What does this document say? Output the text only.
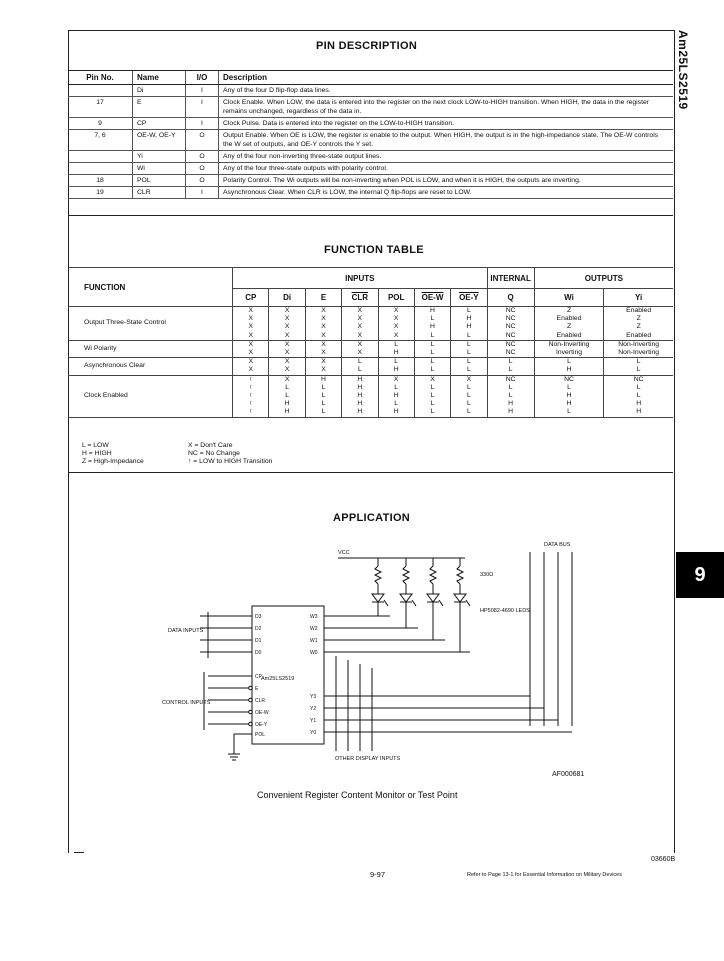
Am25LS2519
9
PIN DESCRIPTION
Pin No.	Name	I/O	Description
	Di	I	Any of the four D flip-flop data lines.
17	E	I	Clock Enable. When LOW, the data is entered into the register on the next clock LOW-to-HIGH transition. When HIGH, the data in the register remains unchanged, regardless of the data in.
9	CP	I	Clock Pulse. Data is entered into the register on the LOW-to-HIGH transition.
7, 6	OE-W, OE-Y	O	Output Enable. When OE is LOW, the register is enable to the output. When HIGH, the output is in the high-impedance state. The OE-W controls the W set of outputs, and OE-Y controls the Y set.
	Yi	O	Any of the four non-inverting three-state output lines.
	Wi	O	Any of the four three-state outputs with polarity control.
18	POL	O	Polarity Control. The Wi outputs will be non-inverting when POL is LOW, and when it is HIGH, the outputs are inverting.
19	CLR	I	Asynchronous Clear. When CLR is LOW, the internal Q flip-flops are reset to LOW.
FUNCTION TABLE
FUNCTION	INPUTS							INTERNAL	OUTPUTS	
	CP	Di	E	$\overline{CLR}$	POL	OE-W	OE-Y	Q	Wi	Yi
Output Three-State Control	X	X	X	X	X	H	L	NC	Z	Enabled
	X	X	X	X	X	L	H	NC	Enabled	Z
	X	X	X	X	X	H	H	NC	Z	Z
	X	X	X	X	X	L	L	NC	Enabled	Enabled
Wi Polarity	X	X	X	X	L	L	L	NC	Non-Inverting	Non-Inverting
	X	X	X	X	H	L	L	NC	Inverting	Non-Inverting
Asynchronous Clear	X	X	X	L	L	L	L	L	L	L
	X	X	X	L	H	L	L	L	H	L
Clock Enabled	↑	X	H	H	X	X	X	NC	NC	NC
	↑	L	L	H	L	L	L	L	L	L
	↑	L	L	H	H	L	L	L	H	L
	↑	H	L	H	L	L	L	H	H	H
	↑	H	L	H	H	L	L	H	L	H

L = LOW
H = HIGH
Z = High-Impedance
X = Don't Care
NC = No Change
↑ = LOW to HIGH Transition
APPLICATION
VCC
DATA BUS
330Ω
HP5082-4690 LEDS
Am25LS2519
DATA INPUTS
CONTROL INPUTS
OTHER DISPLAY INPUTS
AF000681
D3
D2
D1
D0
CP
E
CLR
OE-W
OE-Y
POL
W3
W2
W1
W0
Y3
Y2
Y1
Y0
Convenient Register Content Monitor or Test Point
03660B
9-97	Refer to Page 13-1 for Essential Information on Military Devices
